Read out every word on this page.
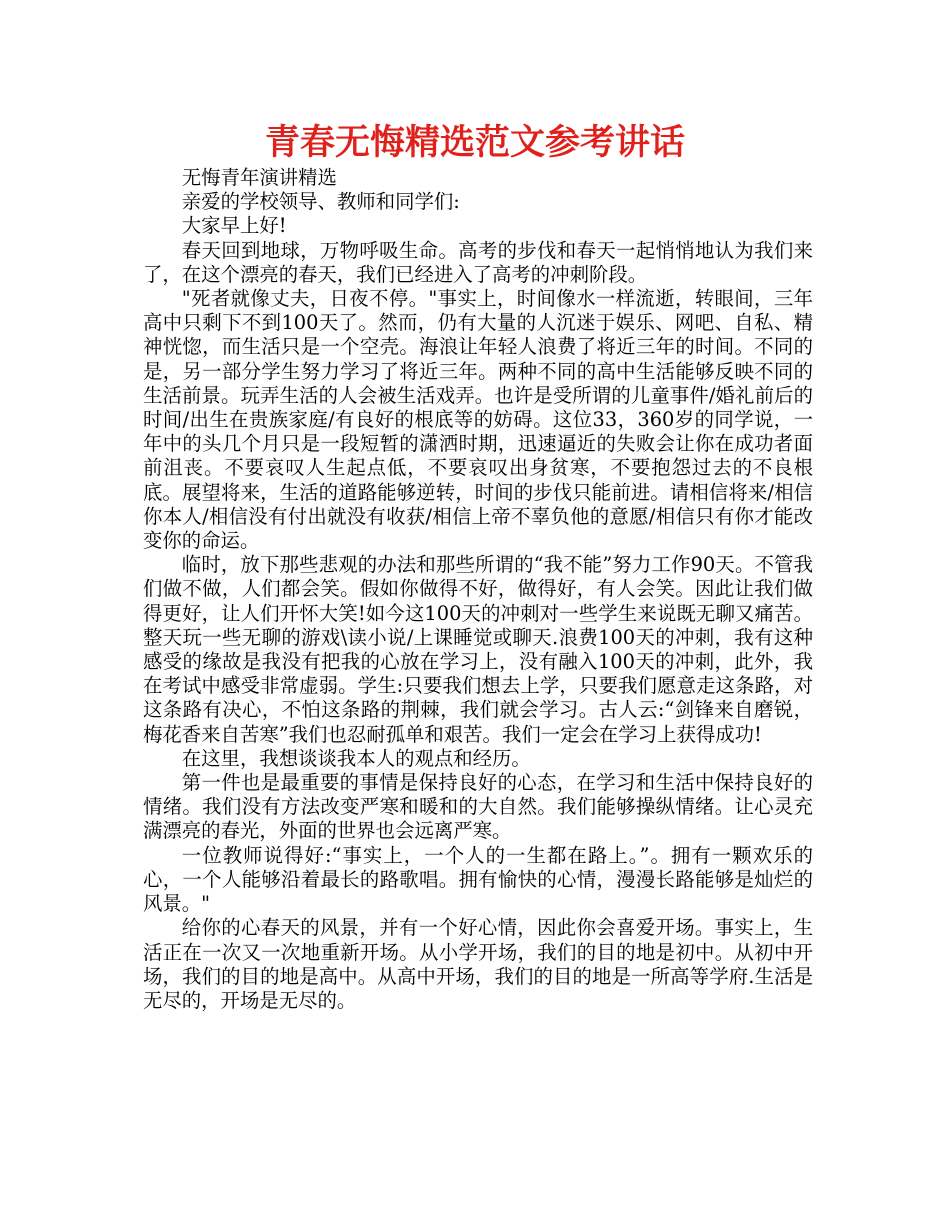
青春无悔精选范文参考讲话

无悔青年演讲精选

亲爱的学校领导、教师和同学们:

大家早上好!

春天回到地球，万物呼吸生命。高考的步伐和春天一起悄悄地认为我们来了，在这个漂亮的春天，我们已经进入了高考的冲刺阶段。

"死者就像丈夫，日夜不停。"事实上，时间像水一样流逝，转眼间，三年高中只剩下不到100天了。然而，仍有大量的人沉迷于娱乐、网吧、自私、精神恍惚，而生活只是一个空壳。海浪让年轻人浪费了将近三年的时间。不同的是，另一部分学生努力学习了将近三年。两种不同的高中生活能够反映不同的生活前景。玩弄生活的人会被生活戏弄。也许是受所谓的儿童事件/婚礼前后的时间/出生在贵族家庭/有良好的根底等的妨碍。这位33，360岁的同学说，一年中的头几个月只是一段短暂的潇洒时期，迅速逼近的失败会让你在成功者面前沮丧。不要哀叹人生起点低，不要哀叹出身贫寒，不要抱怨过去的不良根底。展望将来，生活的道路能够逆转，时间的步伐只能前进。请相信将来/相信你本人/相信没有付出就没有收获/相信上帝不辜负他的意愿/相信只有你才能改变你的命运。

临时，放下那些悲观的办法和那些所谓的“我不能”努力工作90天。不管我们做不做，人们都会笑。假如你做得不好，做得好，有人会笑。因此让我们做得更好，让人们开怀大笑!如今这100天的冲刺对一些学生来说既无聊又痛苦。整天玩一些无聊的游戏\读小说/上课睡觉或聊天.浪费100天的冲刺，我有这种感受的缘故是我没有把我的心放在学习上，没有融入100天的冲刺，此外，我在考试中感受非常虚弱。学生:只要我们想去上学，只要我们愿意走这条路，对这条路有决心，不怕这条路的荆棘，我们就会学习。古人云:“剑锋来自磨锐，梅花香来自苦寒”我们也忍耐孤单和艰苦。我们一定会在学习上获得成功!

在这里，我想谈谈我本人的观点和经历。

第一件也是最重要的事情是保持良好的心态，在学习和生活中保持良好的情绪。我们没有方法改变严寒和暖和的大自然。我们能够操纵情绪。让心灵充满漂亮的春光，外面的世界也会远离严寒。

一位教师说得好:“事实上，一个人的一生都在路上。”。拥有一颗欢乐的心，一个人能够沿着最长的路歌唱。拥有愉快的心情，漫漫长路能够是灿烂的风景。"

给你的心春天的风景，并有一个好心情，因此你会喜爱开场。事实上，生活正在一次又一次地重新开场。从小学开场，我们的目的地是初中。从初中开场，我们的目的地是高中。从高中开场，我们的目的地是一所高等学府.生活是无尽的，开场是无尽的。
